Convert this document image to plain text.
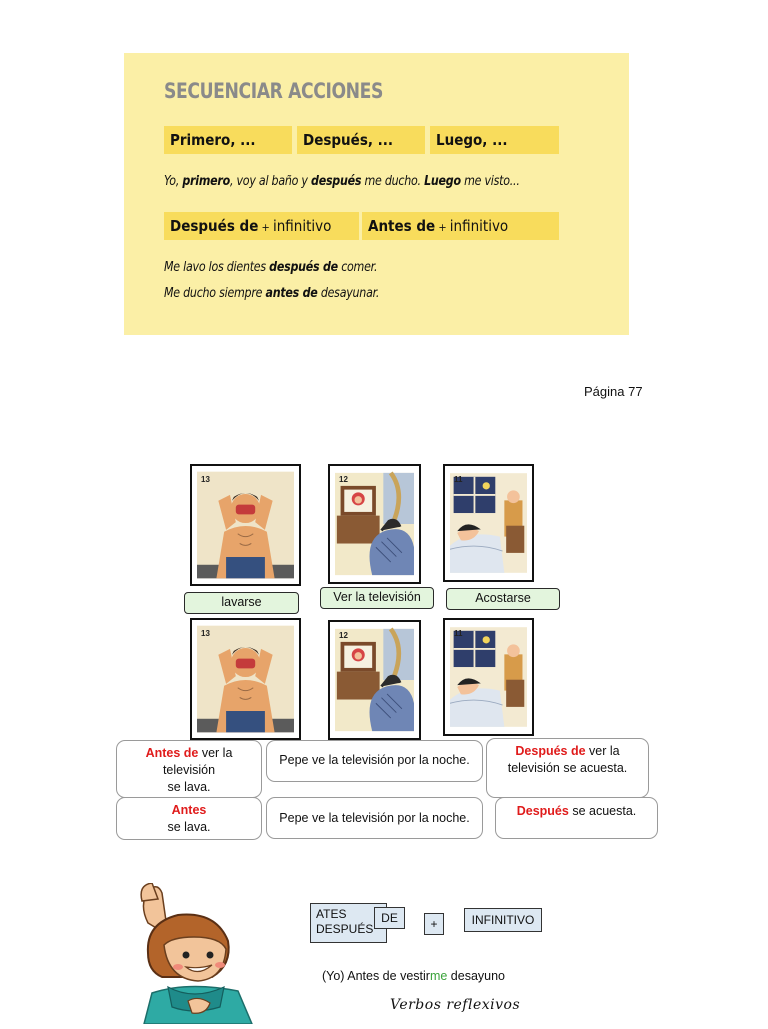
SECUENCIAR ACCIONES
Primero, ...	Después, ...	Luego, ...
Yo, primero, voy al baño y después me ducho. Luego me visto...
Después de + infinitivo	Antes de + infinitivo
Me lavo los dientes después de comer.
Me ducho siempre antes de desayunar.
Página 77
13	12	11
lavarse	Ver la televisión	Acostarse
13	12	11
Antes de ver la
televisión
se lava.
Pepe ve la televisión por la noche.
Después de ver la
televisión se acuesta.
Antes
se lava.
Pepe ve la televisión por la noche.	Después se acuesta.
ATES
DESPUÉS
DE	+	INFINITIVO
(Yo) Antes de vestirme desayuno
Verbos reflexivos
